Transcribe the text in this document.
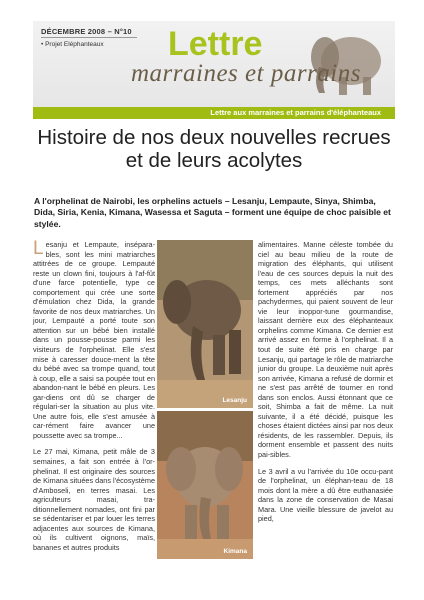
DÉCEMBRE 2008 – N°10
• Projet Eléphanteaux Lettre
marraines et parrains
Lettre aux marraines et parrains d'éléphanteaux
Histoire de nos deux nouvelles recrues et de leurs acolytes
A l'orphelinat de Nairobi, les orphelins actuels – Lesanju, Lempaute, Sinya, Shimba, Dida, Siria, Kenia, Kimana, Wasessa et Saguta – forment une équipe de choc paisible et stylée.

Lesanju et Lempaute, insépara-bles, sont les mini matriarches attitrées de ce groupe. Lempauté reste un clown fini, toujours à l'af-fût d'une farce potentielle, type ce comportement qui crée une sorte d'émulation chez Dida, la grande favorite de nos deux matriarches. Un jour, Lempauté a porté toute son attention sur un bébé bien installé dans un pousse-pousse parmi les visiteurs de l'orphelinat. Elle s'est mise à caresser douce-ment la tête du bébé avec sa trompe quand, tout à coup, elle a saisi sa poupée tout en abandon-nant le bébé en pleurs. Les gar-diens ont dû se charger de régulari-ser la situation au plus vite. Une autre fois, elle s'est amusée à car-rément faire avancer une poussette avec sa trompe...

Le 27 mai, Kimana, petit mâle de 3 semaines, a fait son entrée à l'or-phelinat. Il est originaire des sources de Kimana situées dans l'écosystème d'Amboseli, en terres masai. Les agriculteurs masai, tra-ditionnellement nomades, ont fini par se sédentariser et par louer les terres adjacentes aux sources de Kimana, où ils cultivent oignons, maïs, bananes et autres produits

Lesanju
Kimana

alimentaires. Manne céleste tombée du ciel au beau milieu de la route de migration des éléphants, qui utilisent l'eau de ces sources depuis la nuit des temps, ces mets alléchants sont fortement appréciés par nos pachydermes, qui paient souvent de leur vie leur inoppor-tune gourmandise, laissant derrière eux des éléphanteaux orphelins comme Kimana. Ce dernier est arrivé assez en forme à l'orphelinat. Il a tout de suite été pris en charge par Lesanju, qui partage le rôle de matriarche junior du groupe. La deuxième nuit après son arrivée, Kimana a refusé de dormir et ne s'est pas arrêté de tourner en rond dans son enclos. Aussi étonnant que ce soit, Shimba a fait de même. La nuit suivante, il a été décidé, puisque les choses étaient dictées ainsi par nos deux résidents, de les rassembler. Depuis, ils dorment ensemble et passent des nuits pai-sibles.

Le 3 avril a vu l'arrivée du 10e occu-pant de l'orphelinat, un éléphan-teau de 18 mois dont la mère a dû être euthanasiée dans la zone de conservation de Masai Mara. Une vieille blessure de javelot au pied,
